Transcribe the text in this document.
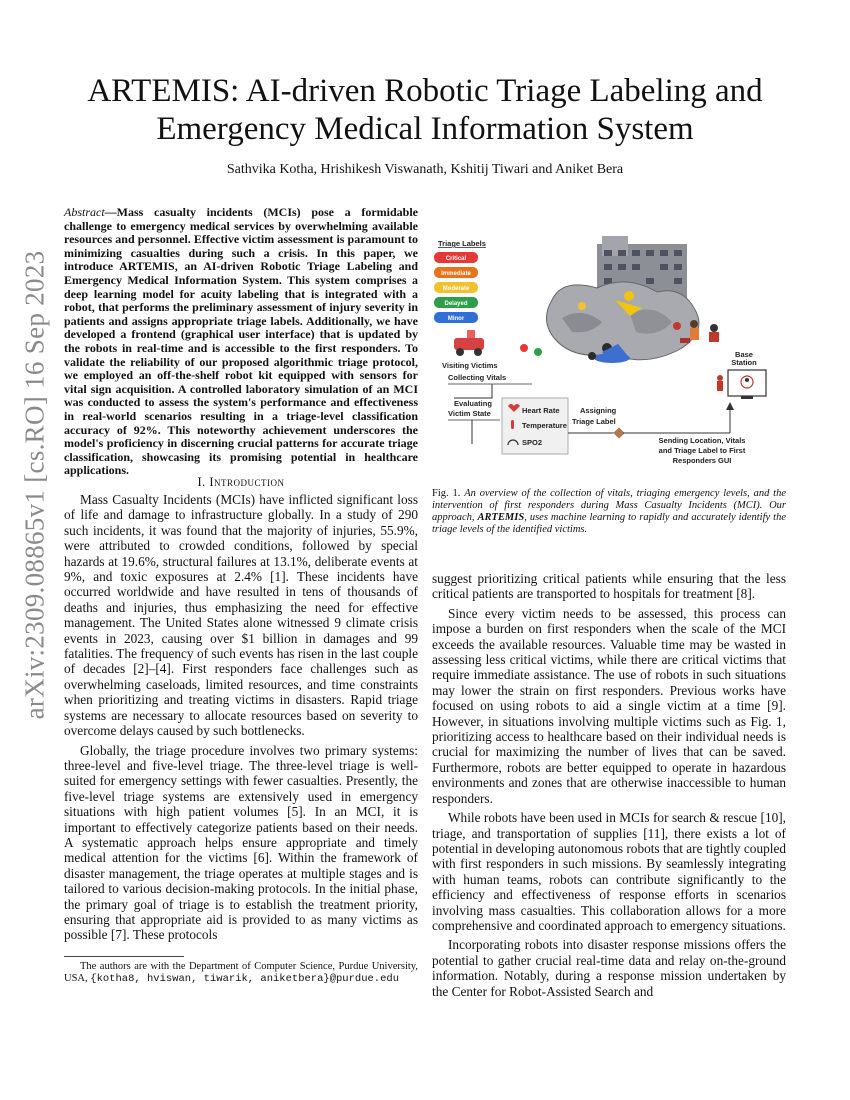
arXiv:2309.08865v1 [cs.RO] 16 Sep 2023
ARTEMIS: AI-driven Robotic Triage Labeling and
Emergency Medical Information System
Sathvika Kotha, Hrishikesh Viswanath, Kshitij Tiwari and Aniket Bera
Abstract—Mass casualty incidents (MCIs) pose a formidable challenge to emergency medical services by overwhelming available resources and personnel. Effective victim assessment is paramount to minimizing casualties during such a crisis. In this paper, we introduce ARTEMIS, an AI-driven Robotic Triage Labeling and Emergency Medical Information System. This system comprises a deep learning model for acuity labeling that is integrated with a robot, that performs the preliminary assessment of injury severity in patients and assigns appropriate triage labels. Additionally, we have developed a frontend (graphical user interface) that is updated by the robots in real-time and is accessible to the first responders. To validate the reliability of our proposed algorithmic triage protocol, we employed an off-the-shelf robot kit equipped with sensors for vital sign acquisition. A controlled laboratory simulation of an MCI was conducted to assess the system's performance and effectiveness in real-world scenarios resulting in a triage-level classification accuracy of 92%. This noteworthy achievement underscores the model's proficiency in discerning crucial patterns for accurate triage classification, showcasing its promising potential in healthcare applications.
I. Introduction

Mass Casualty Incidents (MCIs) have inflicted significant loss of life and damage to infrastructure globally. In a study of 290 such incidents, it was found that the majority of injuries, 55.9%, were attributed to crowded conditions, followed by special hazards at 19.6%, structural failures at 13.1%, deliberate events at 9%, and toxic exposures at 2.4% [1]. These incidents have occurred worldwide and have resulted in tens of thousands of deaths and injuries, thus emphasizing the need for effective management. The United States alone witnessed 9 climate crisis events in 2023, causing over $1 billion in damages and 99 fatalities. The frequency of such events has risen in the last couple of decades [2]–[4]. First responders face challenges such as overwhelming caseloads, limited resources, and time constraints when prioritizing and treating victims in disasters. Rapid triage systems are necessary to allocate resources based on severity to overcome delays caused by such bottlenecks.

Globally, the triage procedure involves two primary systems: three-level and five-level triage. The three-level triage is well-suited for emergency settings with fewer casualties. Presently, the five-level triage systems are extensively used in emergency situations with high patient volumes [5]. In an MCI, it is important to effectively categorize patients based on their needs. A systematic approach helps ensure appropriate and timely medical attention for the victims [6]. Within the framework of disaster management, the triage operates at multiple stages and is tailored to various decision-making protocols. In the initial phase, the primary goal of triage is to establish the treatment priority, ensuring that appropriate aid is provided to as many victims as possible [7]. These protocols

The authors are with the Department of Computer Science, Purdue University, USA, {kotha8, hviswan, tiwarik, aniketbera}@purdue.edu
Triage Labels
Critical
Immediate
Moderate
Delayed
Minor
Visiting Victims
Collecting Vitals
Evaluating
Victim State	Heart Rate
Temperature
SPO2
Assigning
Triage Label
Base
Station
Sending Location, Vitals
and Triage Label to First
Responders GUI
Fig. 1. An overview of the collection of vitals, triaging emergency levels, and the intervention of first responders during Mass Casualty Incidents (MCI). Our approach, ARTEMIS, uses machine learning to rapidly and accurately identify the triage levels of the identified victims.

suggest prioritizing critical patients while ensuring that the less critical patients are transported to hospitals for treatment [8].

Since every victim needs to be assessed, this process can impose a burden on first responders when the scale of the MCI exceeds the available resources. Valuable time may be wasted in assessing less critical victims, while there are critical victims that require immediate assistance. The use of robots in such situations may lower the strain on first responders. Previous works have focused on using robots to aid a single victim at a time [9]. However, in situations involving multiple victims such as Fig. 1, prioritizing access to healthcare based on their individual needs is crucial for maximizing the number of lives that can be saved. Furthermore, robots are better equipped to operate in hazardous environments and zones that are otherwise inaccessible to human responders.

While robots have been used in MCIs for search & rescue [10], triage, and transportation of supplies [11], there exists a lot of potential in developing autonomous robots that are tightly coupled with first responders in such missions. By seamlessly integrating with human teams, robots can contribute significantly to the efficiency and effectiveness of response efforts in scenarios involving mass casualties. This collaboration allows for a more comprehensive and coordinated approach to emergency situations.

Incorporating robots into disaster response missions offers the potential to gather crucial real-time data and relay on-the-ground information. Notably, during a response mission undertaken by the Center for Robot-Assisted Search and
